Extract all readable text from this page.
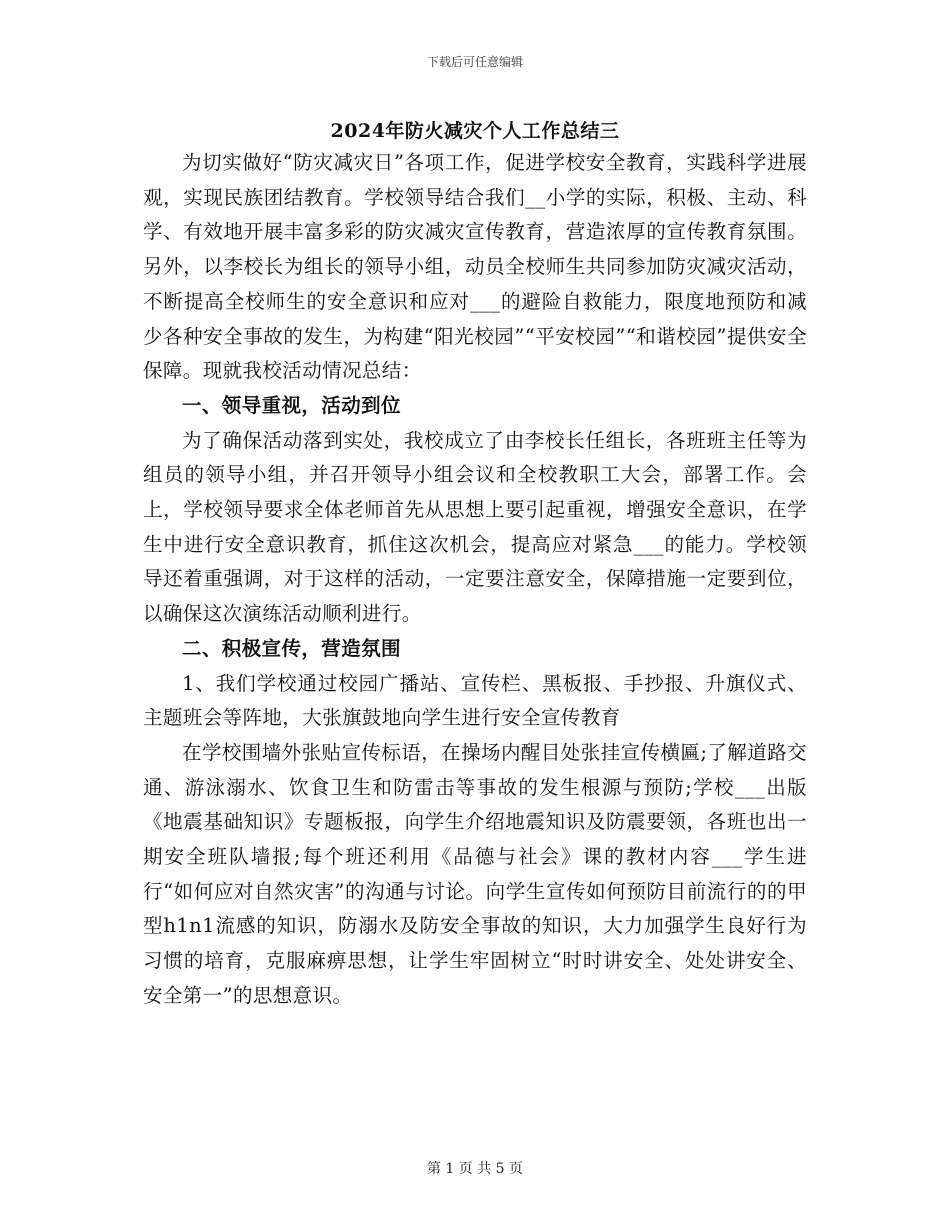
下载后可任意编辑
2024年防火减灾个人工作总结三

为切实做好“防灾减灾日”各项工作，促进学校安全教育，实践科学进展观，实现民族团结教育。学校领导结合我们__小学的实际，积极、主动、科学、有效地开展丰富多彩的防灾减灾宣传教育，营造浓厚的宣传教育氛围。另外，以李校长为组长的领导小组，动员全校师生共同参加防灾减灾活动，不断提高全校师生的安全意识和应对___的避险自救能力，限度地预防和减少各种安全事故的发生，为构建“阳光校园”“平安校园”“和谐校园”提供安全保障。现就我校活动情况总结：

一、领导重视，活动到位

为了确保活动落到实处，我校成立了由李校长任组长，各班班主任等为组员的领导小组，并召开领导小组会议和全校教职工大会，部署工作。会上，学校领导要求全体老师首先从思想上要引起重视，增强安全意识，在学生中进行安全意识教育，抓住这次机会，提高应对紧急___的能力。学校领导还着重强调，对于这样的活动，一定要注意安全，保障措施一定要到位，以确保这次演练活动顺利进行。

二、积极宣传，营造氛围

1、我们学校通过校园广播站、宣传栏、黑板报、手抄报、升旗仪式、主题班会等阵地，大张旗鼓地向学生进行安全宣传教育

在学校围墙外张贴宣传标语，在操场内醒目处张挂宣传横匾;了解道路交通、游泳溺水、饮食卫生和防雷击等事故的发生根源与预防;学校___出版《地震基础知识》专题板报，向学生介绍地震知识及防震要领，各班也出一期安全班队墙报;每个班还利用《品德与社会》课的教材内容___学生进行“如何应对自然灾害”的沟通与讨论。向学生宣传如何预防目前流行的的甲型h1n1流感的知识，防溺水及防安全事故的知识，大力加强学生良好行为习惯的培育，克服麻痹思想，让学生牢固树立“时时讲安全、处处讲安全、安全第一”的思想意识。

第 1 页 共 5 页
